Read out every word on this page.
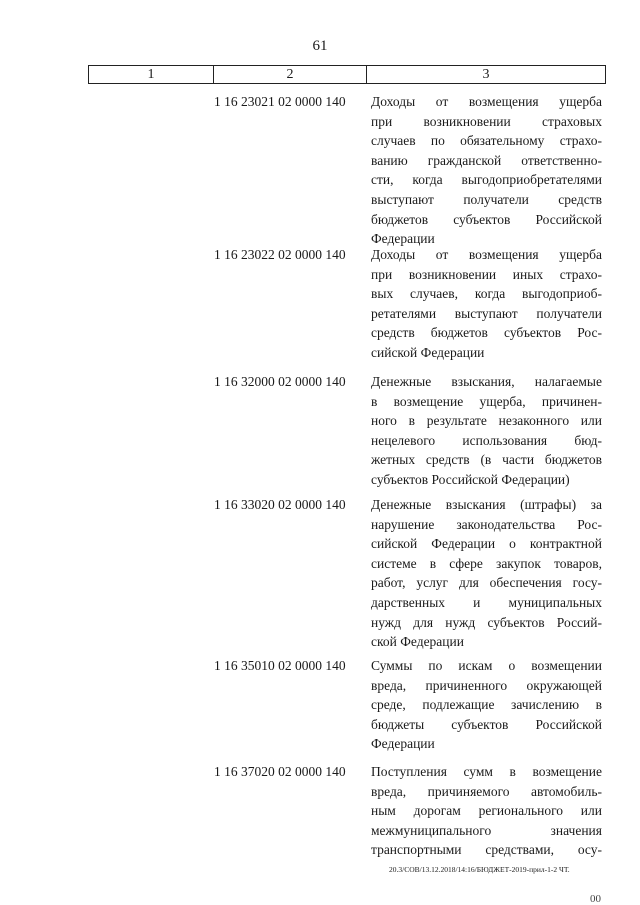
61
1	2	3
1 16 23021 02 0000 140 Доходы от возмещения ущерба
при возникновении страховых
случаев по обязательному страхо-
ванию гражданской ответственно-
сти, когда выгодоприобретателями
выступают получатели средств
бюджетов субъектов Российской
Федерации
1 16 23022 02 0000 140 Доходы от возмещения ущерба
при возникновении иных страхо-
вых случаев, когда выгодоприоб-
ретателями выступают получатели
средств бюджетов субъектов Рос-
сийской Федерации
1 16 32000 02 0000 140 Денежные взыскания, налагаемые
в возмещение ущерба, причинен-
ного в результате незаконного или
нецелевого использования бюд-
жетных средств (в части бюджетов
субъектов Российской Федерации)
1 16 33020 02 0000 140 Денежные взыскания (штрафы) за
нарушение законодательства Рос-
сийской Федерации о контрактной
системе в сфере закупок товаров,
работ, услуг для обеспечения госу-
дарственных и муниципальных
нужд для нужд субъектов Россий-
ской Федерации
1 16 35010 02 0000 140 Суммы по искам о возмещении
вреда, причиненного окружающей
среде, подлежащие зачислению в
бюджеты субъектов Российской
Федерации
1 16 37020 02 0000 140 Поступления сумм в возмещение
вреда, причиняемого автомобиль-
ным дорогам регионального или
межмуниципального значения
транспортными средствами, осу-
20.3/СОВ/13.12.2018/14:16/БЮДЖЕТ-2019-прил-1-2 ЧТ.
00
